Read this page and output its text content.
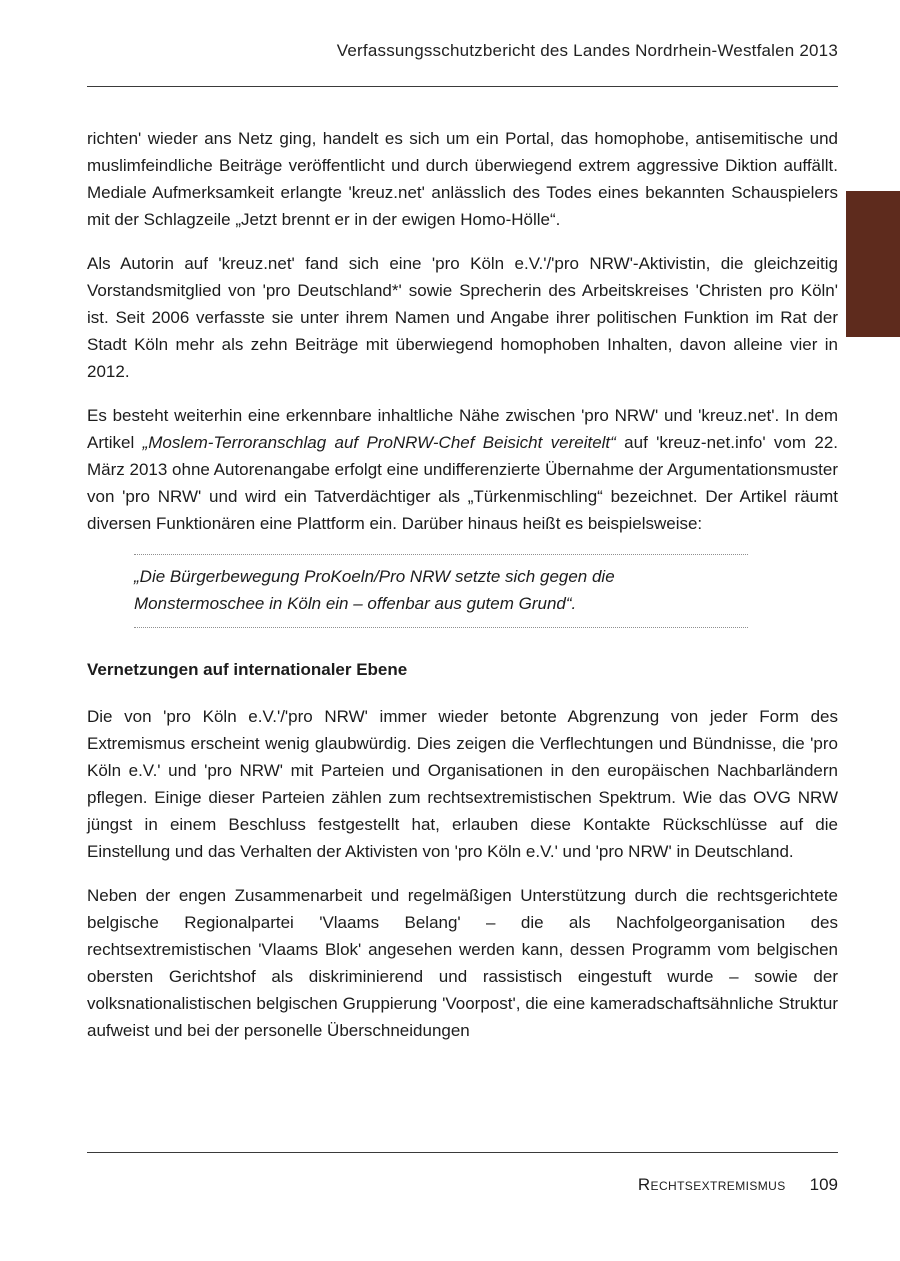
Verfassungsschutzbericht des Landes Nordrhein-Westfalen 2013

richten' wieder ans Netz ging, handelt es sich um ein Portal, das homophobe, antisemitische und muslimfeindliche Beiträge veröffentlicht und durch überwiegend extrem aggressive Diktion auffällt. Mediale Aufmerksamkeit erlangte 'kreuz.net' anlässlich des Todes eines bekannten Schauspielers mit der Schlagzeile „Jetzt brennt er in der ewigen Homo-Hölle“.

Als Autorin auf 'kreuz.net' fand sich eine 'pro Köln e.V.'/'pro NRW'-Aktivistin, die gleichzeitig Vorstandsmitglied von 'pro Deutschland*' sowie Sprecherin des Arbeitskreises 'Christen pro Köln' ist. Seit 2006 verfasste sie unter ihrem Namen und Angabe ihrer politischen Funktion im Rat der Stadt Köln mehr als zehn Beiträge mit überwiegend homophoben Inhalten, davon alleine vier in 2012.

Es besteht weiterhin eine erkennbare inhaltliche Nähe zwischen 'pro NRW' und 'kreuz.net'. In dem Artikel „Moslem-Terroranschlag auf ProNRW-Chef Beisicht vereitelt“ auf 'kreuz-net.info' vom 22. März 2013 ohne Autorenangabe erfolgt eine undifferenzierte Übernahme der Argumentationsmuster von 'pro NRW' und wird ein Tatverdächtiger als „Türkenmischling“ bezeichnet. Der Artikel räumt diversen Funktionären eine Plattform ein. Darüber hinaus heißt es beispielsweise:

„Die Bürgerbewegung ProKoeln/Pro NRW setzte sich gegen die Monstermoschee in Köln ein – offenbar aus gutem Grund“.

Vernetzungen auf internationaler Ebene

Die von 'pro Köln e.V.'/'pro NRW' immer wieder betonte Abgrenzung von jeder Form des Extremismus erscheint wenig glaubwürdig. Dies zeigen die Verflechtungen und Bündnisse, die 'pro Köln e.V.' und 'pro NRW' mit Parteien und Organisationen in den europäischen Nachbarländern pflegen. Einige dieser Parteien zählen zum rechtsextremistischen Spektrum. Wie das OVG NRW jüngst in einem Beschluss festgestellt hat, erlauben diese Kontakte Rückschlüsse auf die Einstellung und das Verhalten der Aktivisten von 'pro Köln e.V.' und 'pro NRW' in Deutschland.

Neben der engen Zusammenarbeit und regelmäßigen Unterstützung durch die rechtsgerichtete belgische Regionalpartei 'Vlaams Belang' – die als Nachfolgeorganisation des rechtsextremistischen 'Vlaams Blok' angesehen werden kann, dessen Programm vom belgischen obersten Gerichtshof als diskriminierend und rassistisch eingestuft wurde – sowie der volksnationalistischen belgischen Gruppierung 'Voorpost', die eine kameradschaftsähnliche Struktur aufweist und bei der personelle Überschneidungen

Rechtsextremismus 109
